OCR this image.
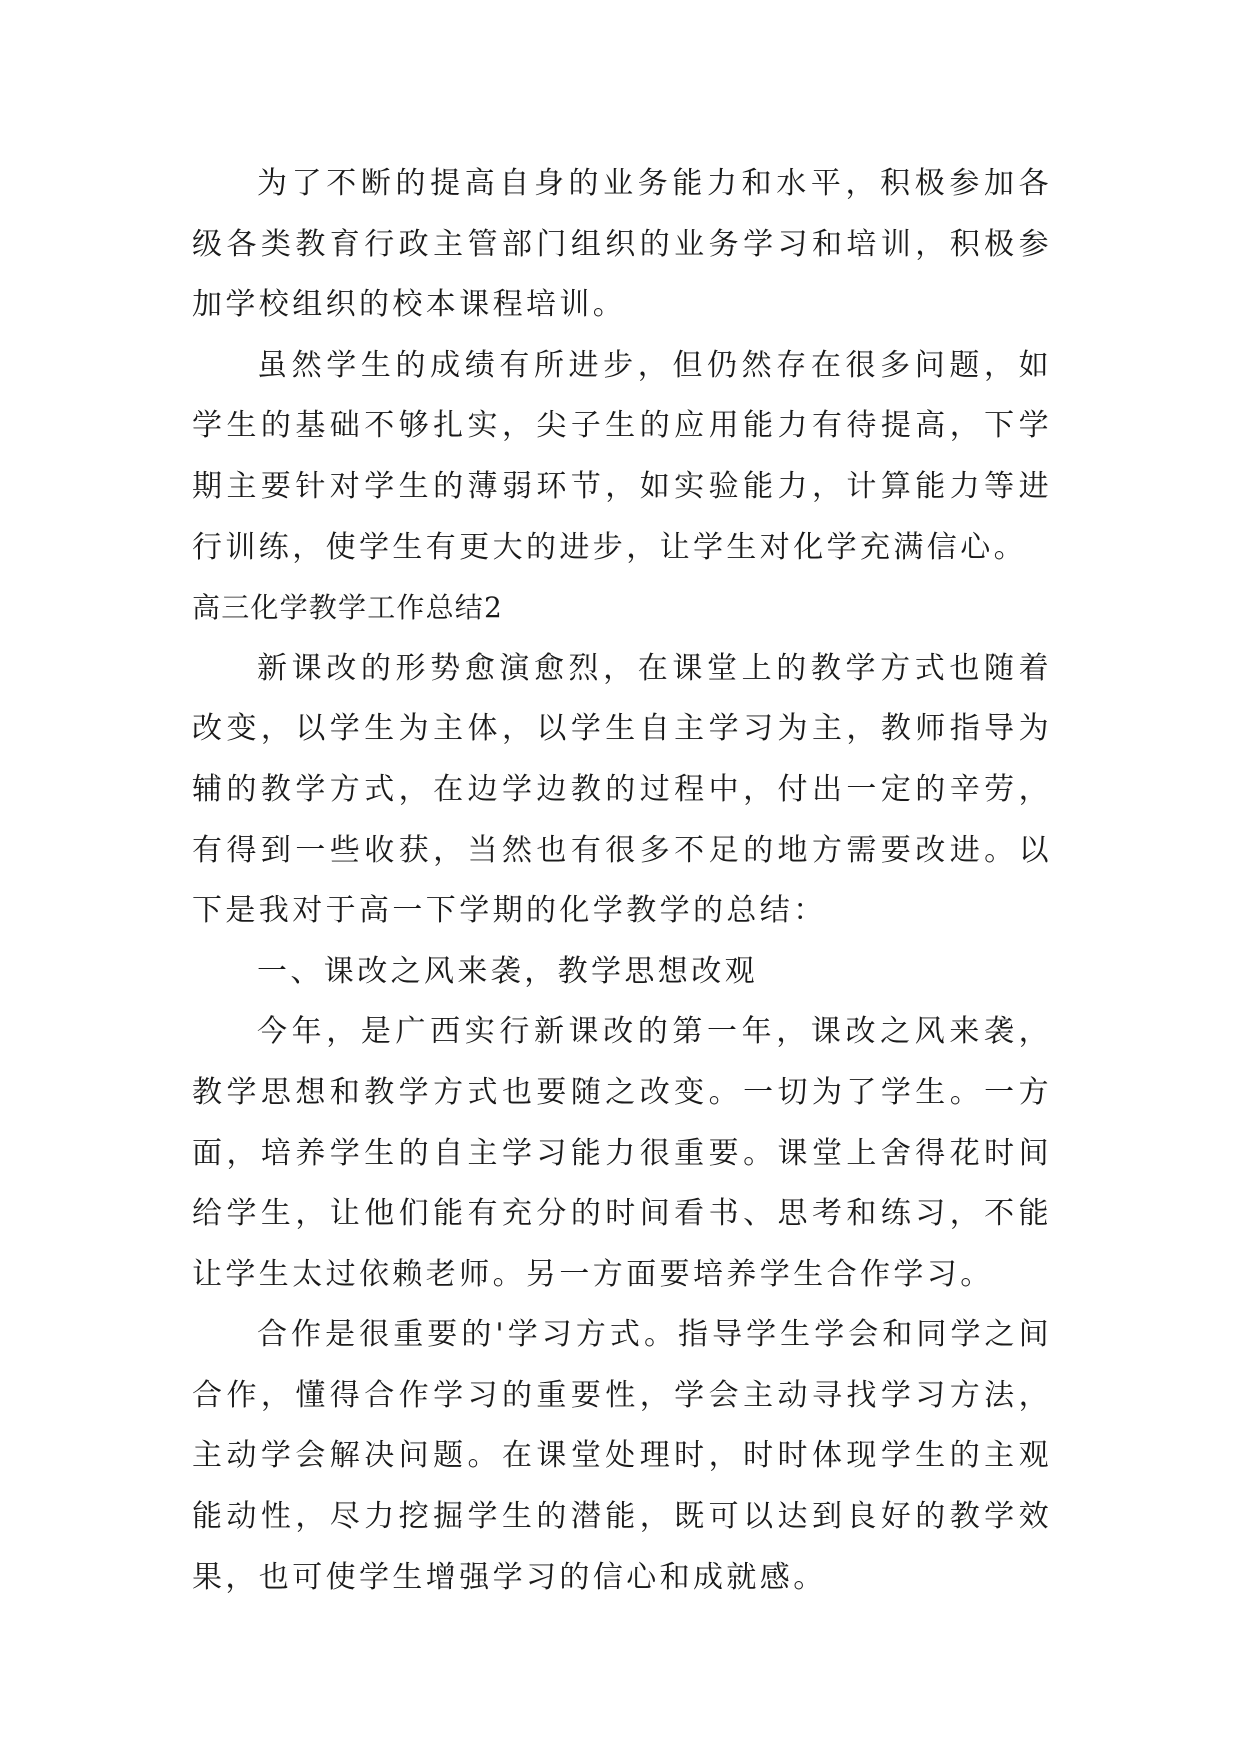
为了不断的提高自身的业务能力和水平，积极参加各级各类教育行政主管部门组织的业务学习和培训，积极参加学校组织的校本课程培训。

虽然学生的成绩有所进步，但仍然存在很多问题，如学生的基础不够扎实，尖子生的应用能力有待提高，下学期主要针对学生的薄弱环节，如实验能力，计算能力等进行训练，使学生有更大的进步，让学生对化学充满信心。

高三化学教学工作总结2

新课改的形势愈演愈烈，在课堂上的教学方式也随着改变，以学生为主体，以学生自主学习为主，教师指导为辅的教学方式，在边学边教的过程中，付出一定的辛劳，有得到一些收获，当然也有很多不足的地方需要改进。以下是我对于高一下学期的化学教学的总结：

一、课改之风来袭，教学思想改观

今年，是广西实行新课改的第一年，课改之风来袭，教学思想和教学方式也要随之改变。一切为了学生。一方面，培养学生的自主学习能力很重要。课堂上舍得花时间给学生，让他们能有充分的时间看书、思考和练习，不能让学生太过依赖老师。另一方面要培养学生合作学习。

合作是很重要的'学习方式。指导学生学会和同学之间合作，懂得合作学习的重要性，学会主动寻找学习方法，主动学会解决问题。在课堂处理时，时时体现学生的主观能动性，尽力挖掘学生的潜能，既可以达到良好的教学效果，也可使学生增强学习的信心和成就感。
